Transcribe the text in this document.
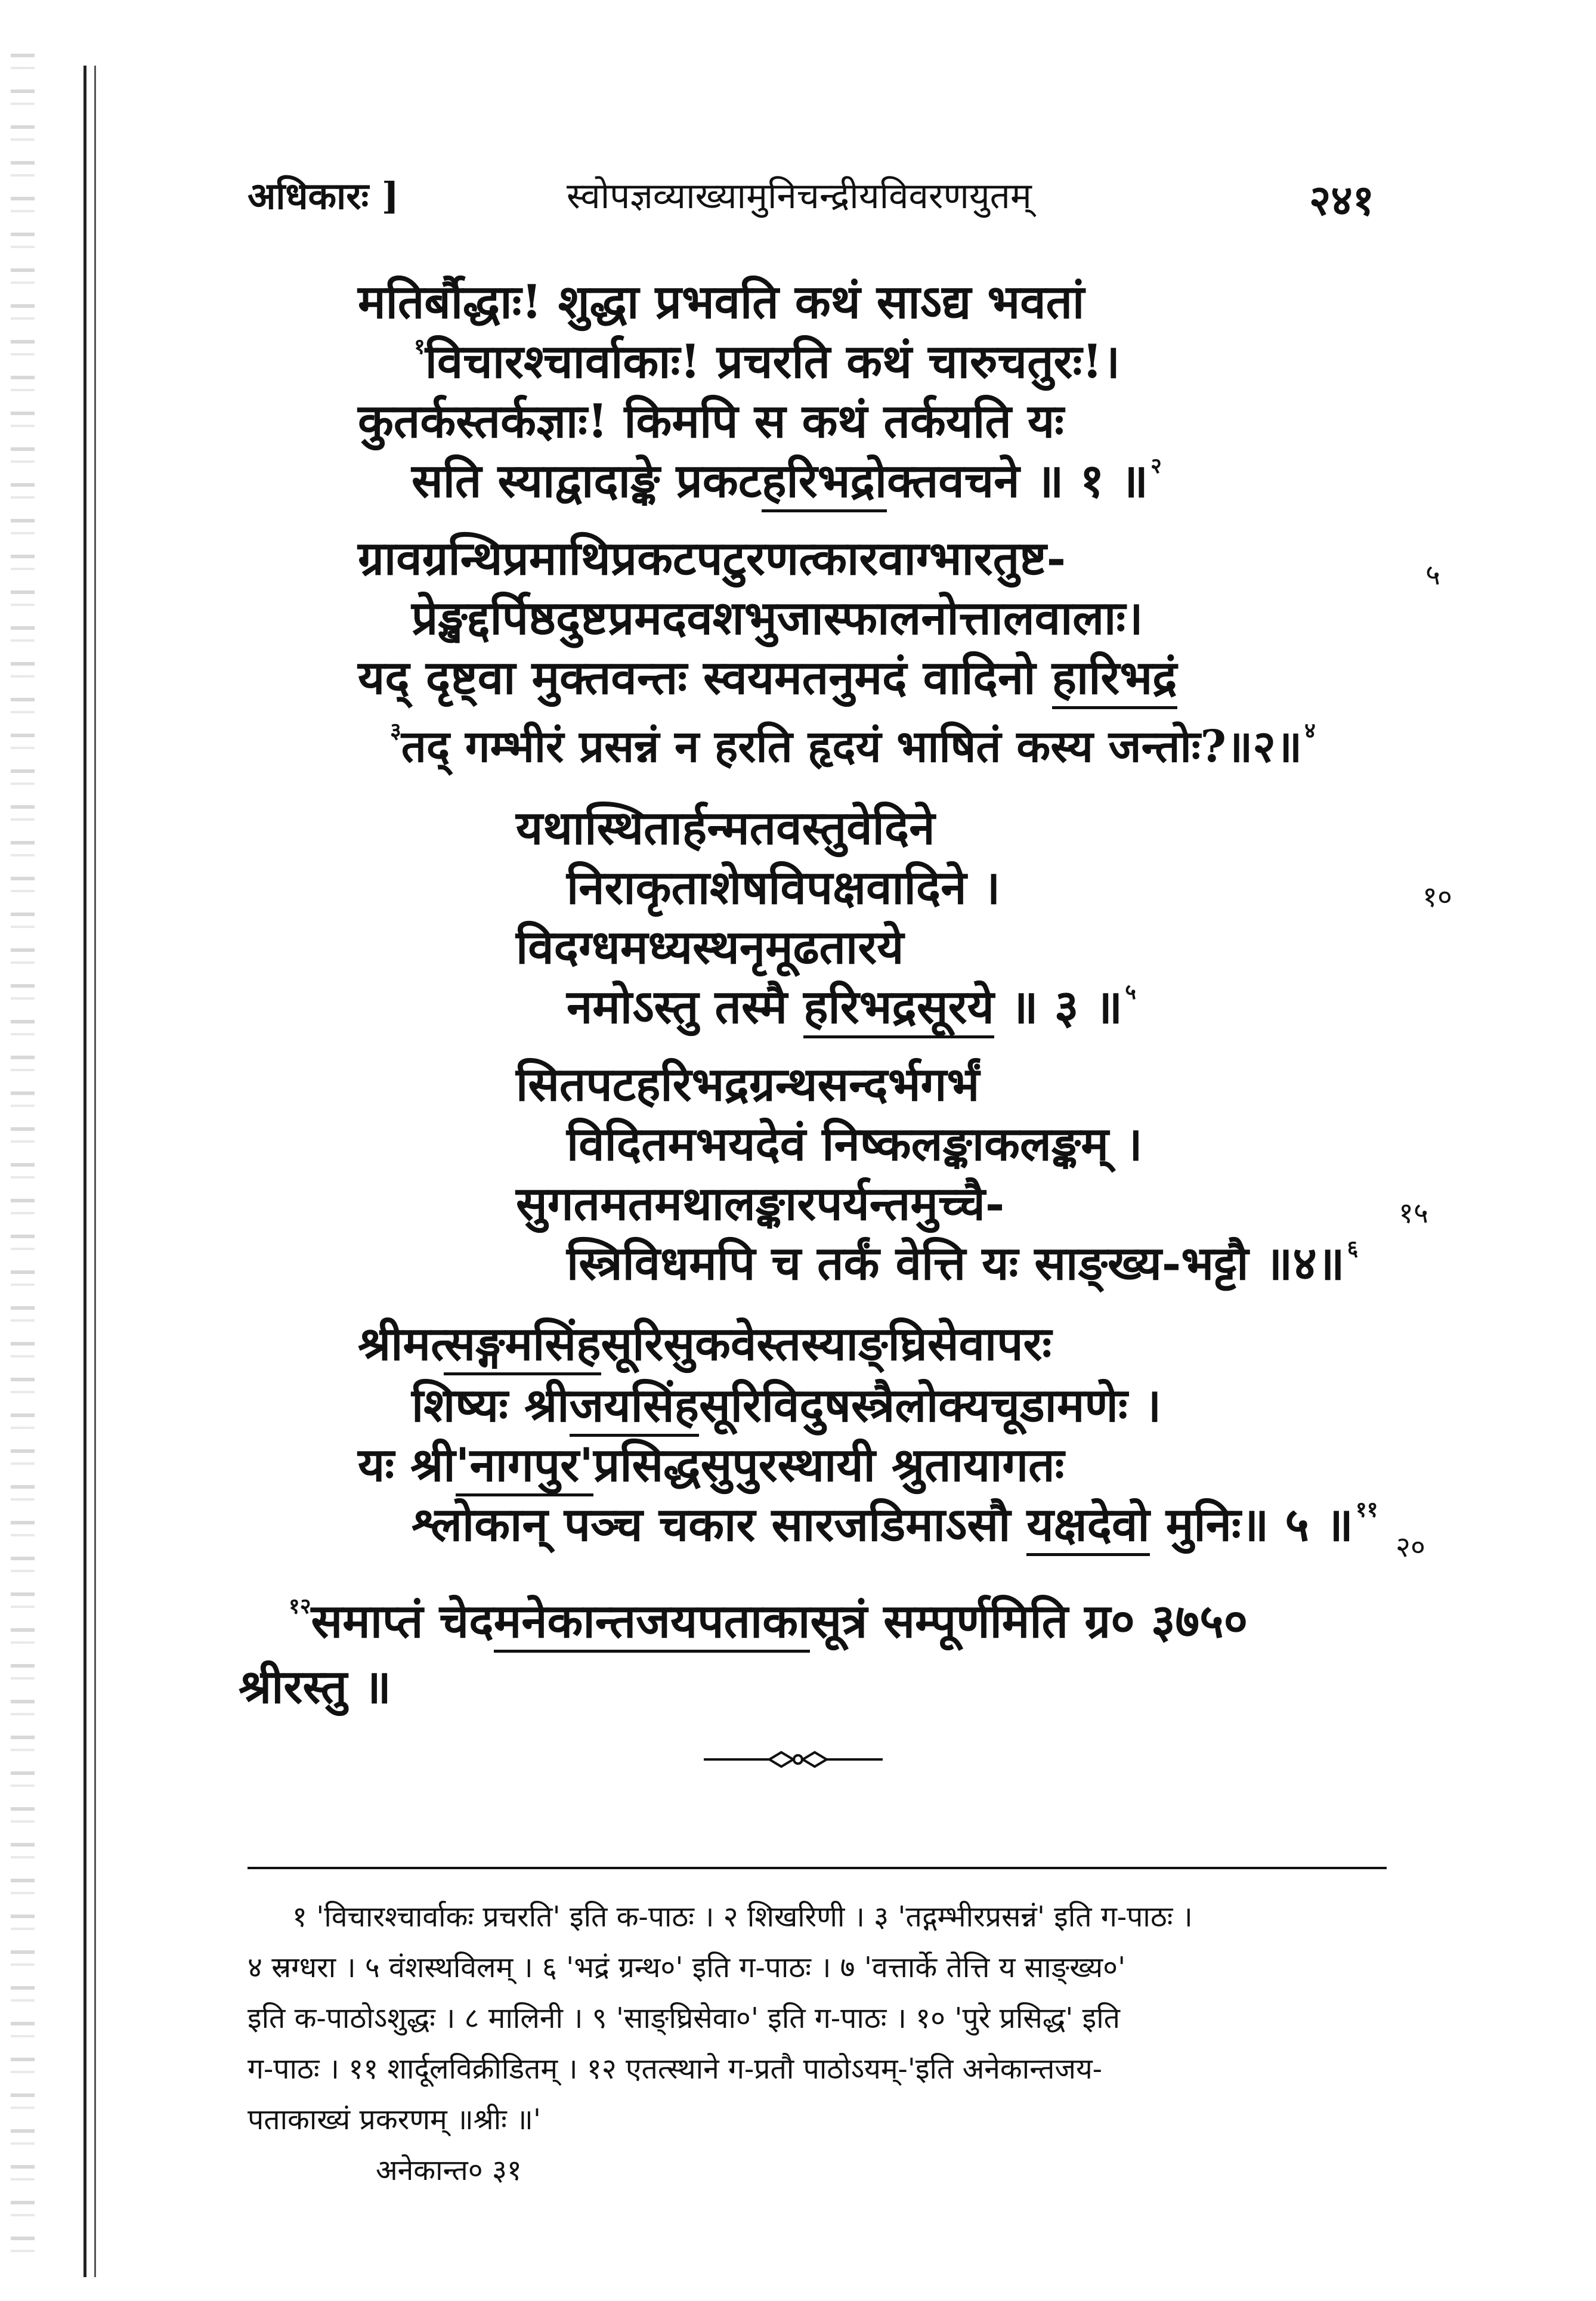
अधिकारः ]	स्वोपज्ञव्याख्यामुनिचन्द्रीयविवरणयुतम्	२४१
मतिर्बौद्धाः! शुद्धा प्रभवति कथं साऽद्य भवतां
$^१$विचारश्चार्वाकाः! प्रचरति कथं चारुचतुरः!।
कुतर्कस्तर्कज्ञाः! किमपि स कथं तर्कयति यः
सति स्याद्वादाङ्के प्रकटहरिभद्रोक्तवचने ॥ १ ॥ $^२$
ग्रावग्रन्थिप्रमाथिप्रकटपटुरणत्कारवाग्भारतुष्ट-	५
प्रेङ्खद्दर्पिष्ठदुष्टप्रमदवशभुजास्फालनोत्तालवालाः।
यद् दृष्ट्वा मुक्तवन्तः स्वयमतनुमदं वादिनो हारिभद्रं
$^३$तद् गम्भीरं प्रसन्नं न हरति हृदयं भाषितं कस्य जन्तोः?॥२॥ $^४$
यथास्थितार्हन्मतवस्तुवेदिने
निराकृताशेषविपक्षवादिने ।	१०
विदग्धमध्यस्थनृमूढतारये
नमोऽस्तु तस्मै हरिभद्रसूरये ॥ ३ ॥ $^५$
सितपटहरिभद्रग्रन्थसन्दर्भगर्भं
विदितमभयदेवं निष्कलङ्काकलङ्कम् ।
सुगतमतमथालङ्कारपर्यन्तमुच्चै-	१५
स्त्रिविधमपि च तर्कं वेत्ति यः साङ्ख्य-भट्टौ ॥४॥ $^६$
श्रीमत्सङ्गमसिंहसूरिसुकवेस्तस्याङ्घ्रिसेवापरः
शिष्यः श्रीजयसिंहसूरिविदुषस्त्रैलोक्यचूडामणेः ।
यः श्री'नागपुर'प्रसिद्धसुपुरस्थायी श्रुतायागतः
श्लोकान् पञ्च चकार सारजडिमाऽसौ यक्षदेवो मुनिः॥ ५ ॥ $^{११}$
२०
$^{१२}$समाप्तं चेदमनेकान्तजयपताकासूत्रं सम्पूर्णमिति ग्र० ३७५०
श्रीरस्तु ॥
१ 'विचारश्चार्वाकः प्रचरति' इति क-पाठः । २ शिखरिणी । ३ 'तद्गम्भीरप्रसन्नं' इति ग-पाठः ।
४ स्रग्धरा । ५ वंशस्थविलम् । ६ 'भद्रं ग्रन्थ०' इति ग-पाठः । ७ 'वत्तार्के तेत्ति य साङ्ख्य०'
इति क-पाठोऽशुद्धः । ८ मालिनी । ९ 'साङ्घ्रिसेवा०' इति ग-पाठः । १० 'पुरे प्रसिद्ध' इति
ग-पाठः । ११ शार्दूलविक्रीडितम् । १२ एतत्स्थाने ग-प्रतौ पाठोऽयम्-'इति अनेकान्तजय-
पताकाख्यं प्रकरणम् ॥श्रीः ॥'
अनेकान्त० ३१
